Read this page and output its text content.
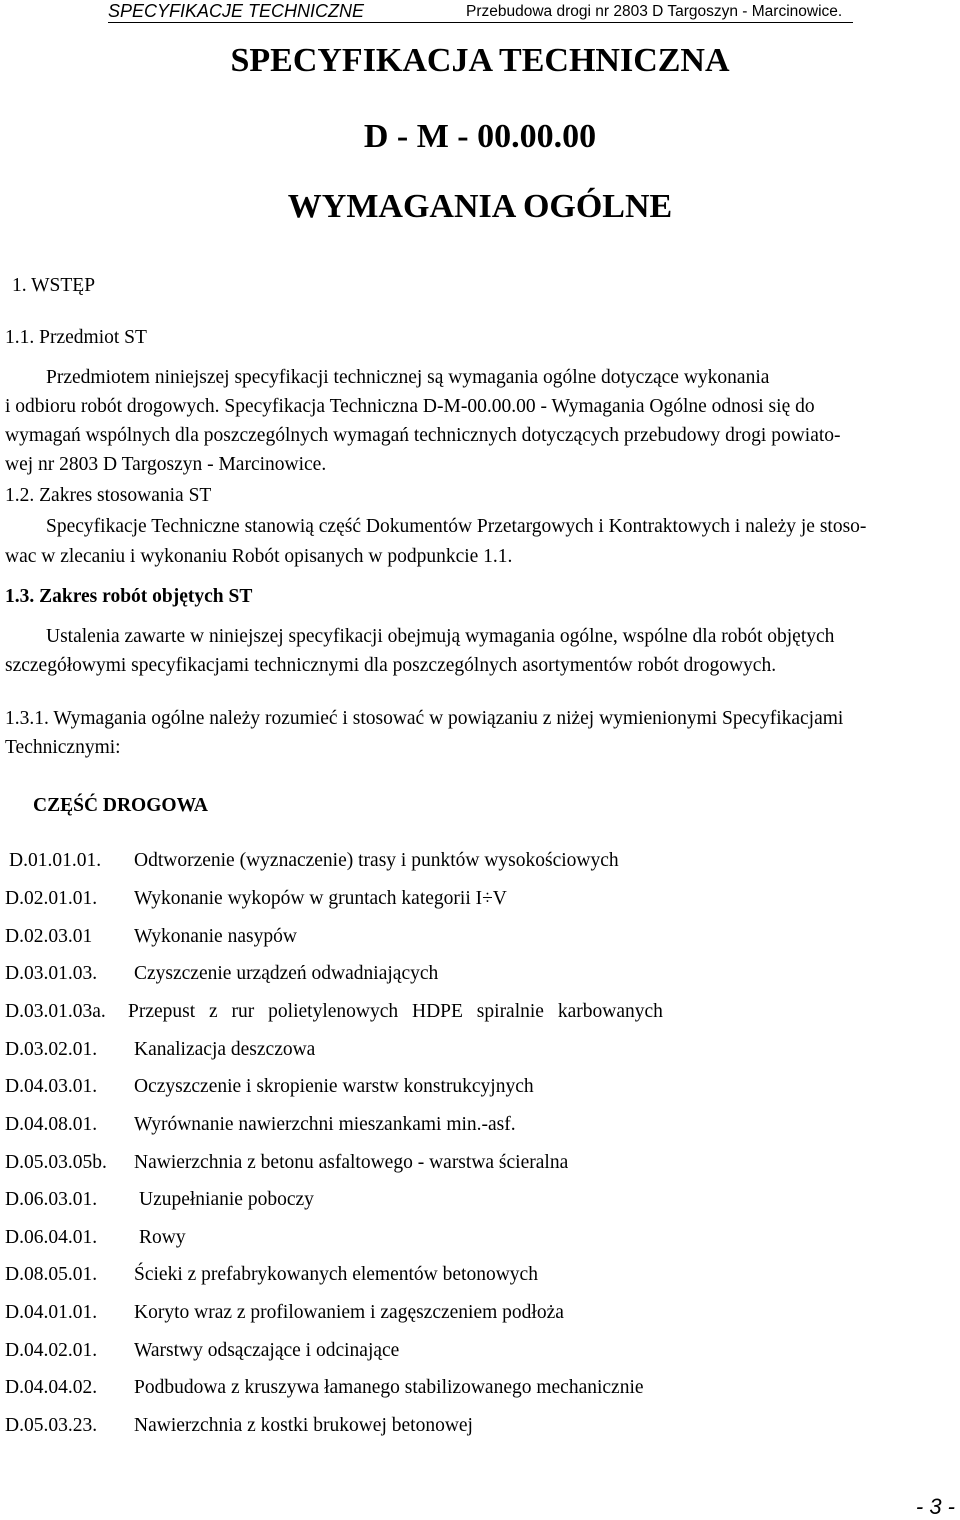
SPECYFIKACJE TECHNICZNE	Przebudowa drogi nr 2803 D Targoszyn - Marcinowice.
SPECYFIKACJA TECHNICZNA
D - M - 00.00.00
WYMAGANIA OGÓLNE
1. WSTĘP
1.1. Przedmiot ST
Przedmiotem niniejszej specyfikacji technicznej są wymagania ogólne dotyczące wykonania
i odbioru robót drogowych. Specyfikacja Techniczna D-M-00.00.00 - Wymagania Ogólne odnosi się do
wymagań wspólnych dla poszczególnych wymagań technicznych dotyczących przebudowy drogi powiato-
wej nr 2803 D Targoszyn - Marcinowice.
1.2. Zakres stosowania ST
Specyfikacje Techniczne stanowią część Dokumentów Przetargowych i Kontraktowych i należy je stoso-
wac w zlecaniu i wykonaniu Robót opisanych w podpunkcie 1.1.
1.3. Zakres robót objętych ST
Ustalenia zawarte w niniejszej specyfikacji obejmują wymagania ogólne, wspólne dla robót objętych
szczegółowymi specyfikacjami technicznymi dla poszczególnych asortymentów robót drogowych.
1.3.1. Wymagania ogólne należy rozumieć i stosować w powiązaniu z niżej wymienionymi Specyfikacjami
Technicznymi:
CZĘŚĆ DROGOWA
D.01.01.01. Odtworzenie (wyznaczenie) trasy i punktów wysokościowych
D.02.01.01. Wykonanie wykopów w gruntach kategorii I÷V
D.02.03.01 Wykonanie nasypów
D.03.01.03. Czyszczenie urządzeń odwadniających
D.03.01.03a. Przepust z rur polietylenowych HDPE spiralnie karbowanych
D.03.02.01. Kanalizacja deszczowa
D.04.03.01. Oczyszczenie i skropienie warstw konstrukcyjnych
D.04.08.01. Wyrównanie nawierzchni mieszankami min.-asf.
D.05.03.05b. Nawierzchnia z betonu asfaltowego - warstwa ścieralna
D.06.03.01. Uzupełnianie poboczy
D.06.04.01. Rowy
D.08.05.01. Ścieki z prefabrykowanych elementów betonowych
D.04.01.01. Koryto wraz z profilowaniem i zagęszczeniem podłoża
D.04.02.01. Warstwy odsączające i odcinające
D.04.04.02. Podbudowa z kruszywa łamanego stabilizowanego mechanicznie
D.05.03.23. Nawierzchnia z kostki brukowej betonowej
- 3 -
